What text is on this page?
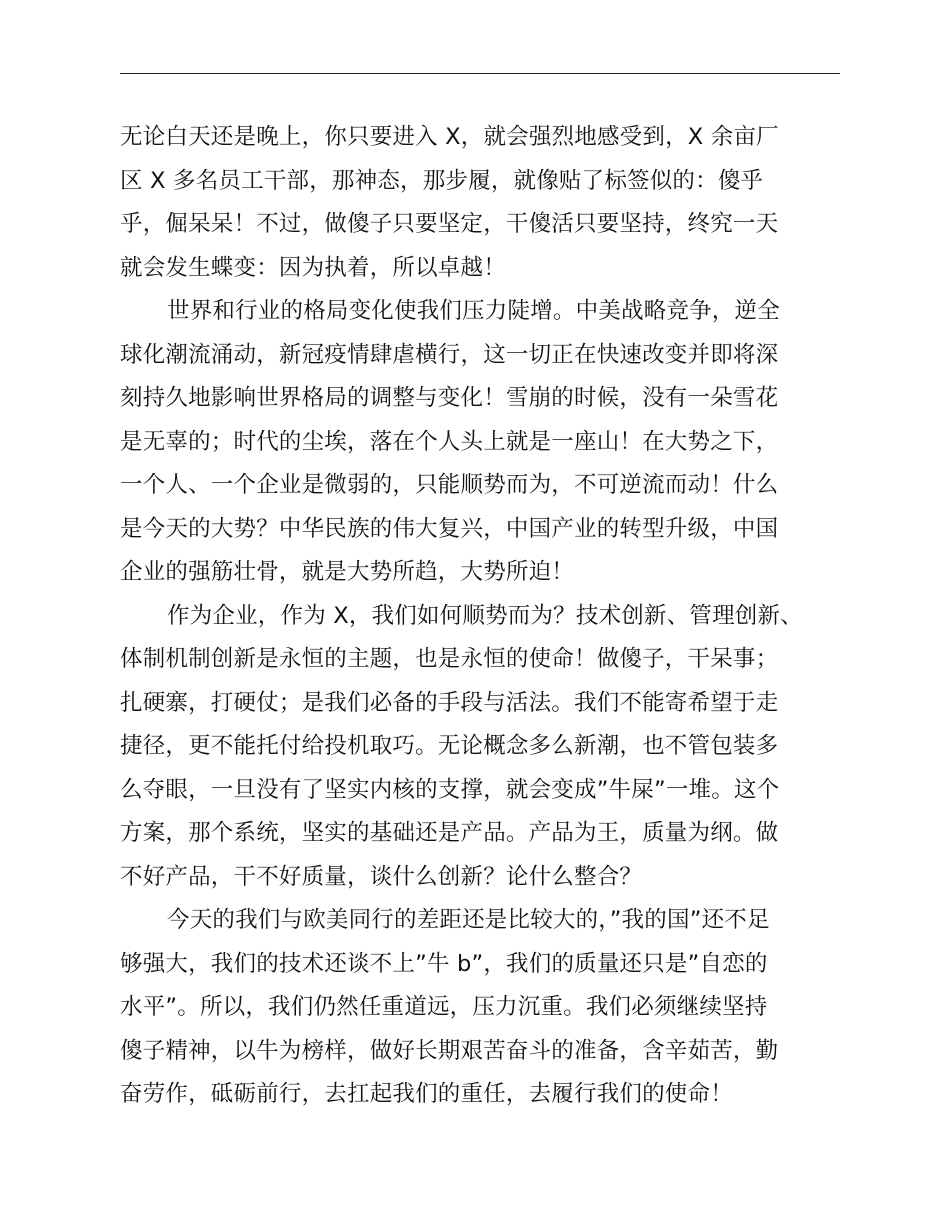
无论白天还是晚上，你只要进入 X，就会强烈地感受到，X 余亩厂
区 X 多名员工干部，那神态，那步履，就像贴了标签似的：傻乎
乎，倔呆呆！不过，做傻子只要坚定，干傻活只要坚持，终究一天
就会发生蝶变：因为执着，所以卓越！
世界和行业的格局变化使我们压力陡增。中美战略竞争，逆全
球化潮流涌动，新冠疫情肆虐横行，这一切正在快速改变并即将深
刻持久地影响世界格局的调整与变化！雪崩的时候，没有一朵雪花
是无辜的；时代的尘埃，落在个人头上就是一座山！在大势之下，
一个人、一个企业是微弱的，只能顺势而为，不可逆流而动！什么
是今天的大势？中华民族的伟大复兴，中国产业的转型升级，中国
企业的强筋壮骨，就是大势所趋，大势所迫！
作为企业，作为 X，我们如何顺势而为？技术创新、管理创新、
体制机制创新是永恒的主题，也是永恒的使命！做傻子，干呆事；
扎硬寨，打硬仗；是我们必备的手段与活法。我们不能寄希望于走
捷径，更不能托付给投机取巧。无论概念多么新潮，也不管包装多
么夺眼，一旦没有了坚实内核的支撑，就会变成”牛屎”一堆。这个
方案，那个系统，坚实的基础还是产品。产品为王，质量为纲。做
不好产品，干不好质量，谈什么创新？论什么整合？
今天的我们与欧美同行的差距还是比较大的，”我的国”还不足
够强大，我们的技术还谈不上”牛 b”，我们的质量还只是”自恋的
水平”。所以，我们仍然任重道远，压力沉重。我们必须继续坚持
傻子精神，以牛为榜样，做好长期艰苦奋斗的准备，含辛茹苦，勤
奋劳作，砥砺前行，去扛起我们的重任，去履行我们的使命！
